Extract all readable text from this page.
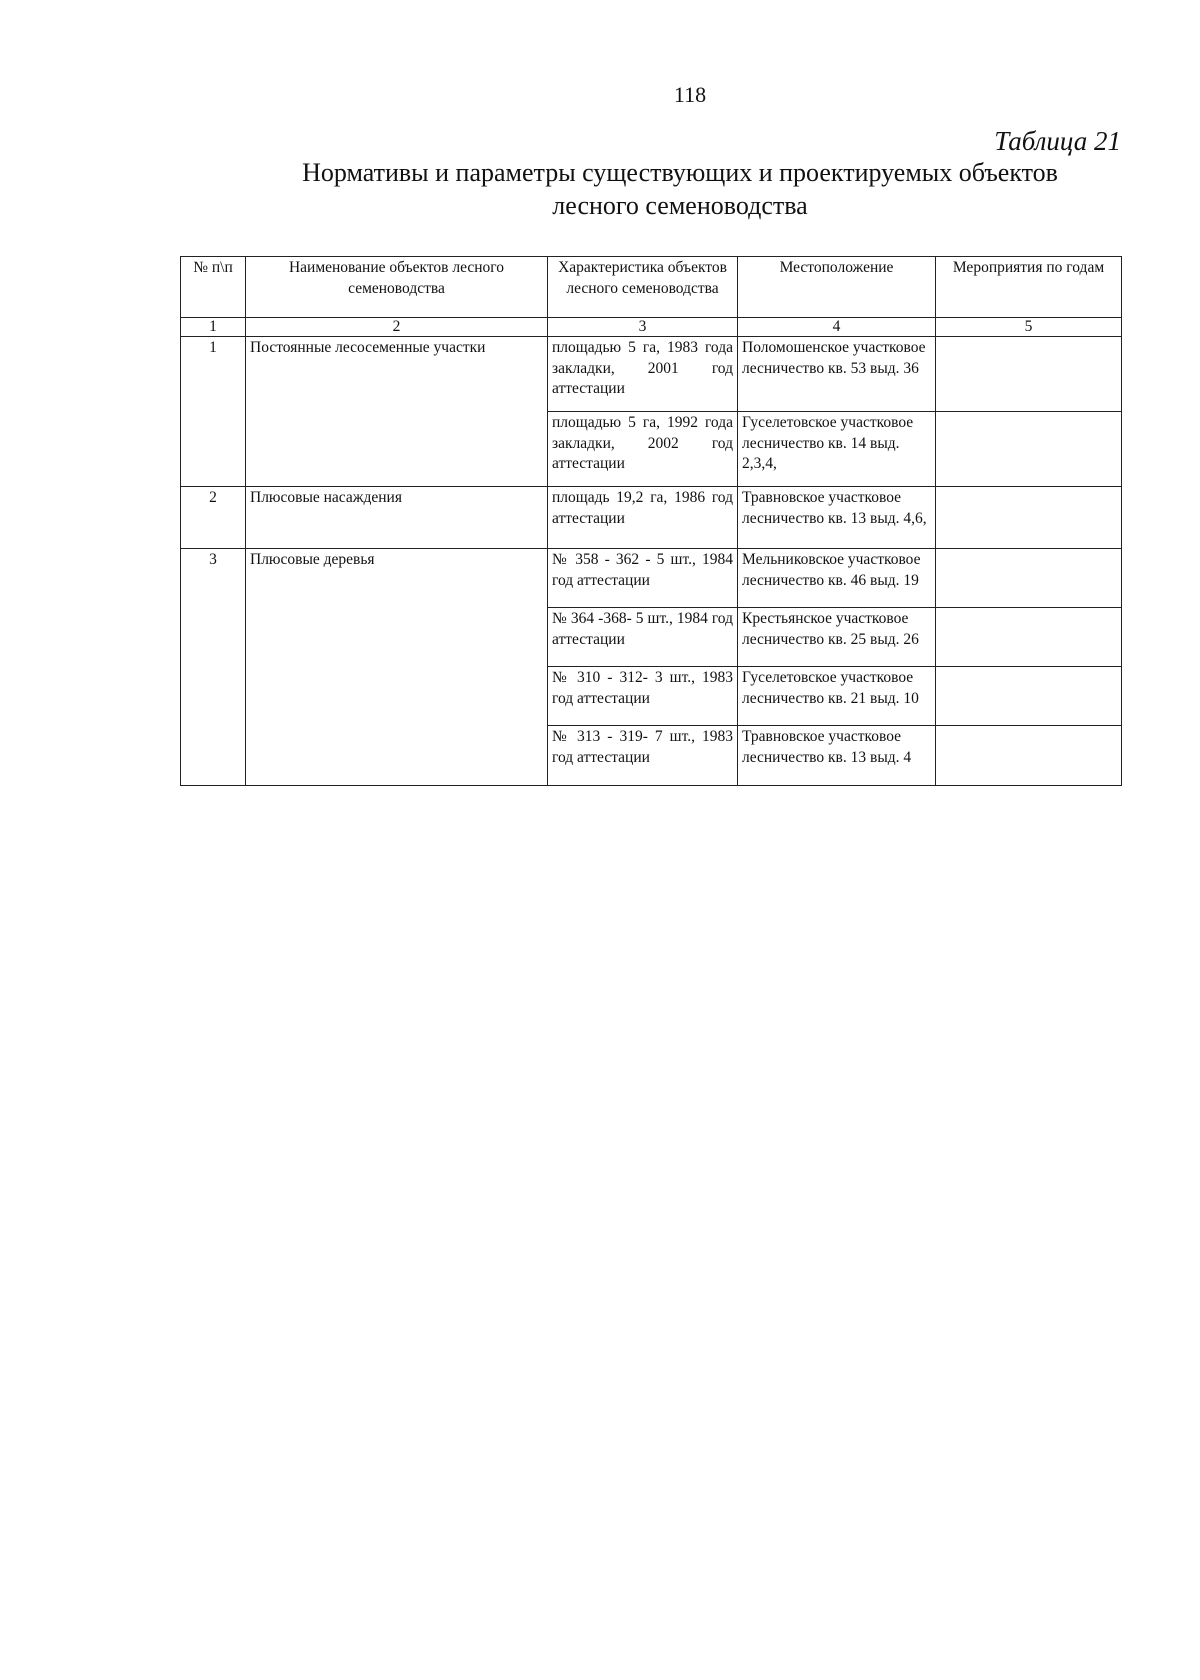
118
Таблица 21
Нормативы и параметры существующих и проектируемых объектов
лесного семеноводства
№ п\п	Наименование объектов лесного семеноводства	Характеристика объектов лесного семеноводства	Местоположение	Мероприятия по годам
1	2	3	4	5
1	Постоянные лесосеменные участки	площадью 5 га, 1983 года закладки, 2001 год аттестации	Поломошенское участковое лесничество кв. 53 выд. 36	
		площадью 5 га, 1992 года закладки, 2002 год аттестации	Гуселетовское участковое лесничество кв. 14 выд. 2,3,4,	
2	Плюсовые насаждения	площадь 19,2 га, 1986 год аттестации	Травновское участковое лесничество кв. 13 выд. 4,6,	
3	Плюсовые деревья	№ 358 - 362 - 5 шт., 1984 год аттестации	Мельниковское участковое лесничество кв. 46 выд. 19	
		№ 364 -368- 5 шт., 1984 год аттестации	Крестьянское участковое лесничество кв. 25 выд. 26	
		№ 310 - 312- 3 шт., 1983 год аттестации	Гуселетовское участковое лесничество кв. 21 выд. 10	
		№ 313 - 319- 7 шт., 1983 год аттестации	Травновское участковое лесничество кв. 13 выд. 4	
